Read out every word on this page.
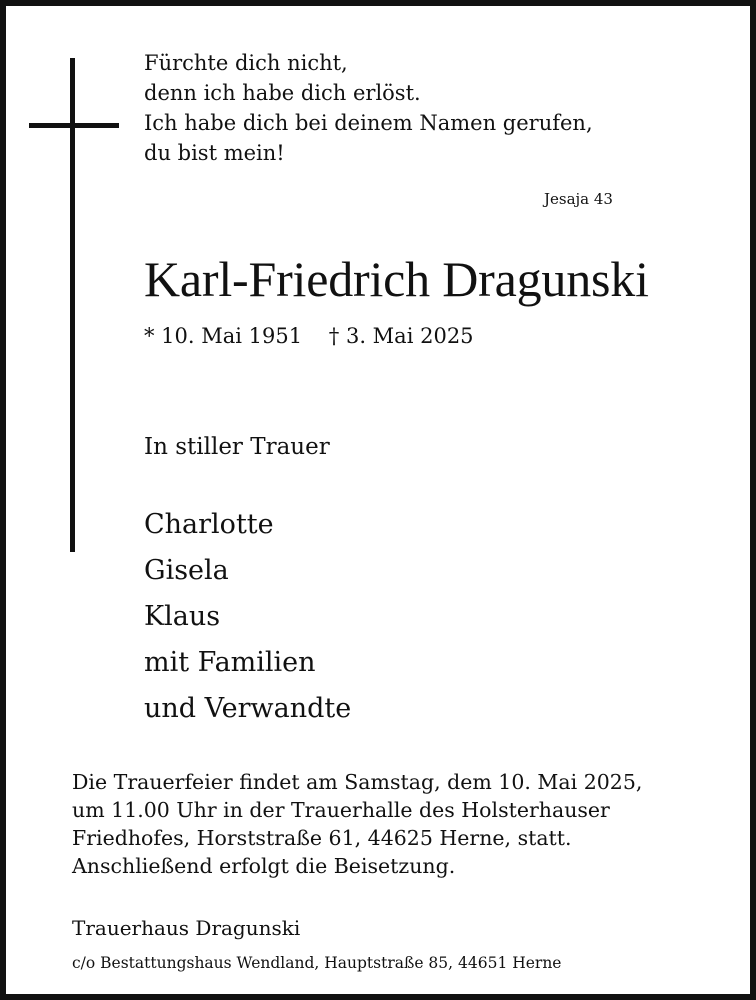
Fürchte dich nicht,
denn ich habe dich erlöst.
Ich habe dich bei deinem Namen gerufen,
du bist mein!

Jesaja 43
Karl-Friedrich Dragunski
* 10. Mai 1951 † 3. Mai 2025
In stiller Trauer

Charlotte
Gisela
Klaus
mit Familien
und Verwandte

Die Trauerfeier findet am Samstag, dem 10. Mai 2025,
um 11.00 Uhr in der Trauerhalle des Holsterhauser
Friedhofes, Horststraße 61, 44625 Herne, statt.
Anschließend erfolgt die Beisetzung.

Trauerhaus Dragunski
c/o Bestattungshaus Wendland, Hauptstraße 85, 44651 Herne
